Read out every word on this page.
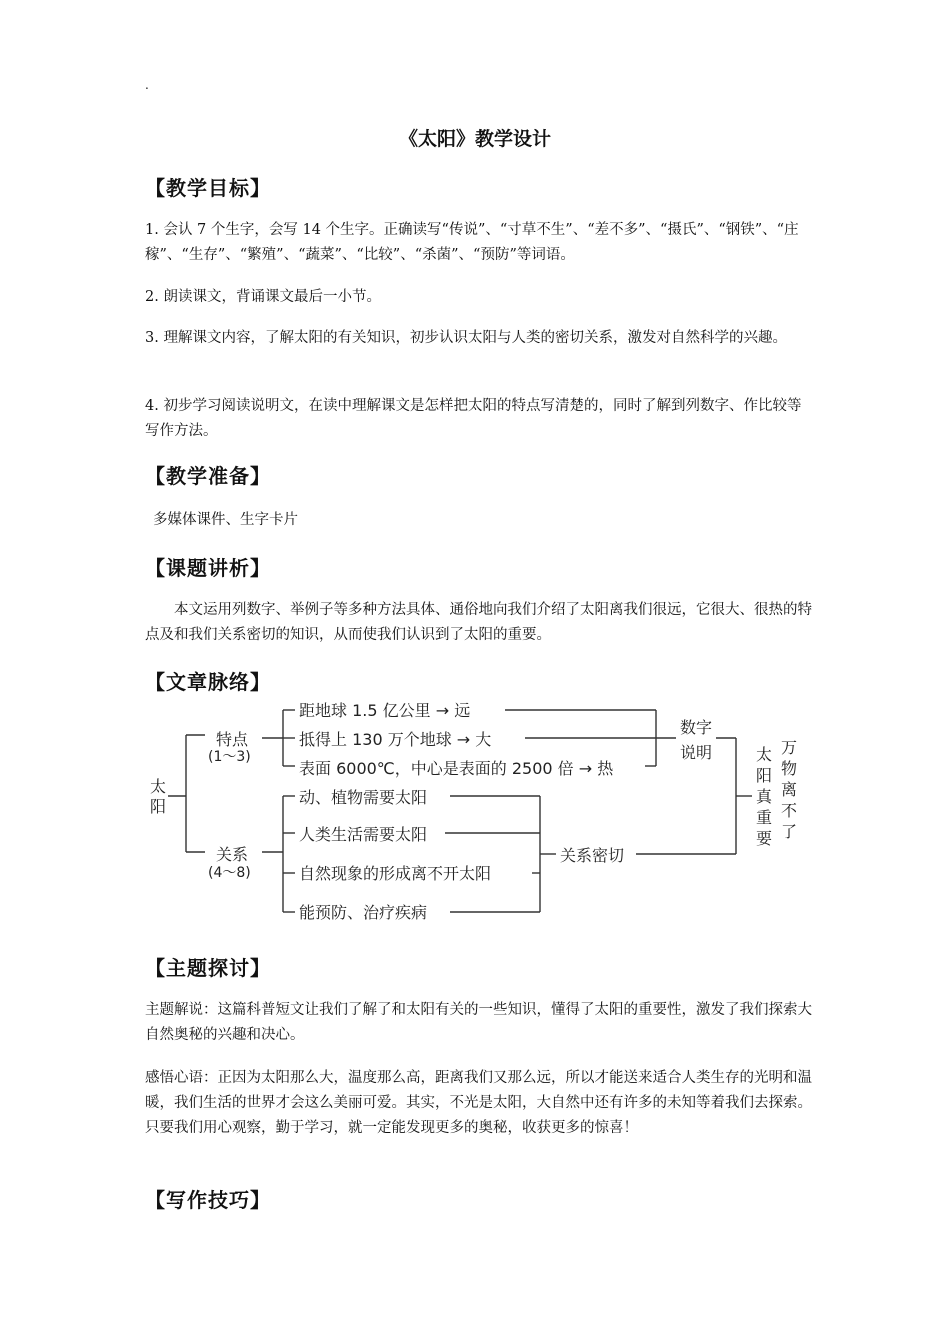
.
《太阳》教学设计
【教学目标】
1. 会认 7 个生字，会写 14 个生字。正确读写“传说”、“寸草不生”、“差不多”、“摄氏”、“钢铁”、“庄稼”、“生存”、“繁殖”、“蔬菜”、“比较”、“杀菌”、“预防”等词语。
2. 朗读课文，背诵课文最后一小节。
3. 理解课文内容，了解太阳的有关知识，初步认识太阳与人类的密切关系，激发对自然科学的兴趣。
4. 初步学习阅读说明文，在读中理解课文是怎样把太阳的特点写清楚的，同时了解到列数字、作比较等写作方法。
【教学准备】
多媒体课件、生字卡片
【课题讲析】
本文运用列数字、举例子等多种方法具体、通俗地向我们介绍了太阳离我们很远，它很大、很热的特点及和我们关系密切的知识，从而使我们认识到了太阳的重要。
【文章脉络】
太
阳
特点
(1～3)
距地球 1.5 亿公里 → 远
抵得上 130 万个地球 → 大
表面 6000℃，中心是表面的 2500 倍 → 热
数字
说明
关系
(4～8)
动、植物需要太阳
人类生活需要太阳
自然现象的形成离不开太阳
能预防、治疗疾病
关系密切
太
阳
真
重
要
万
物
离
不
了
【主题探讨】
主题解说：这篇科普短文让我们了解了和太阳有关的一些知识，懂得了太阳的重要性，激发了我们探索大自然奥秘的兴趣和决心。
感悟心语：正因为太阳那么大，温度那么高，距离我们又那么远，所以才能送来适合人类生存的光明和温暖，我们生活的世界才会这么美丽可爱。其实，不光是太阳，大自然中还有许多的未知等着我们去探索。只要我们用心观察，勤于学习，就一定能发现更多的奥秘，收获更多的惊喜！
【写作技巧】
